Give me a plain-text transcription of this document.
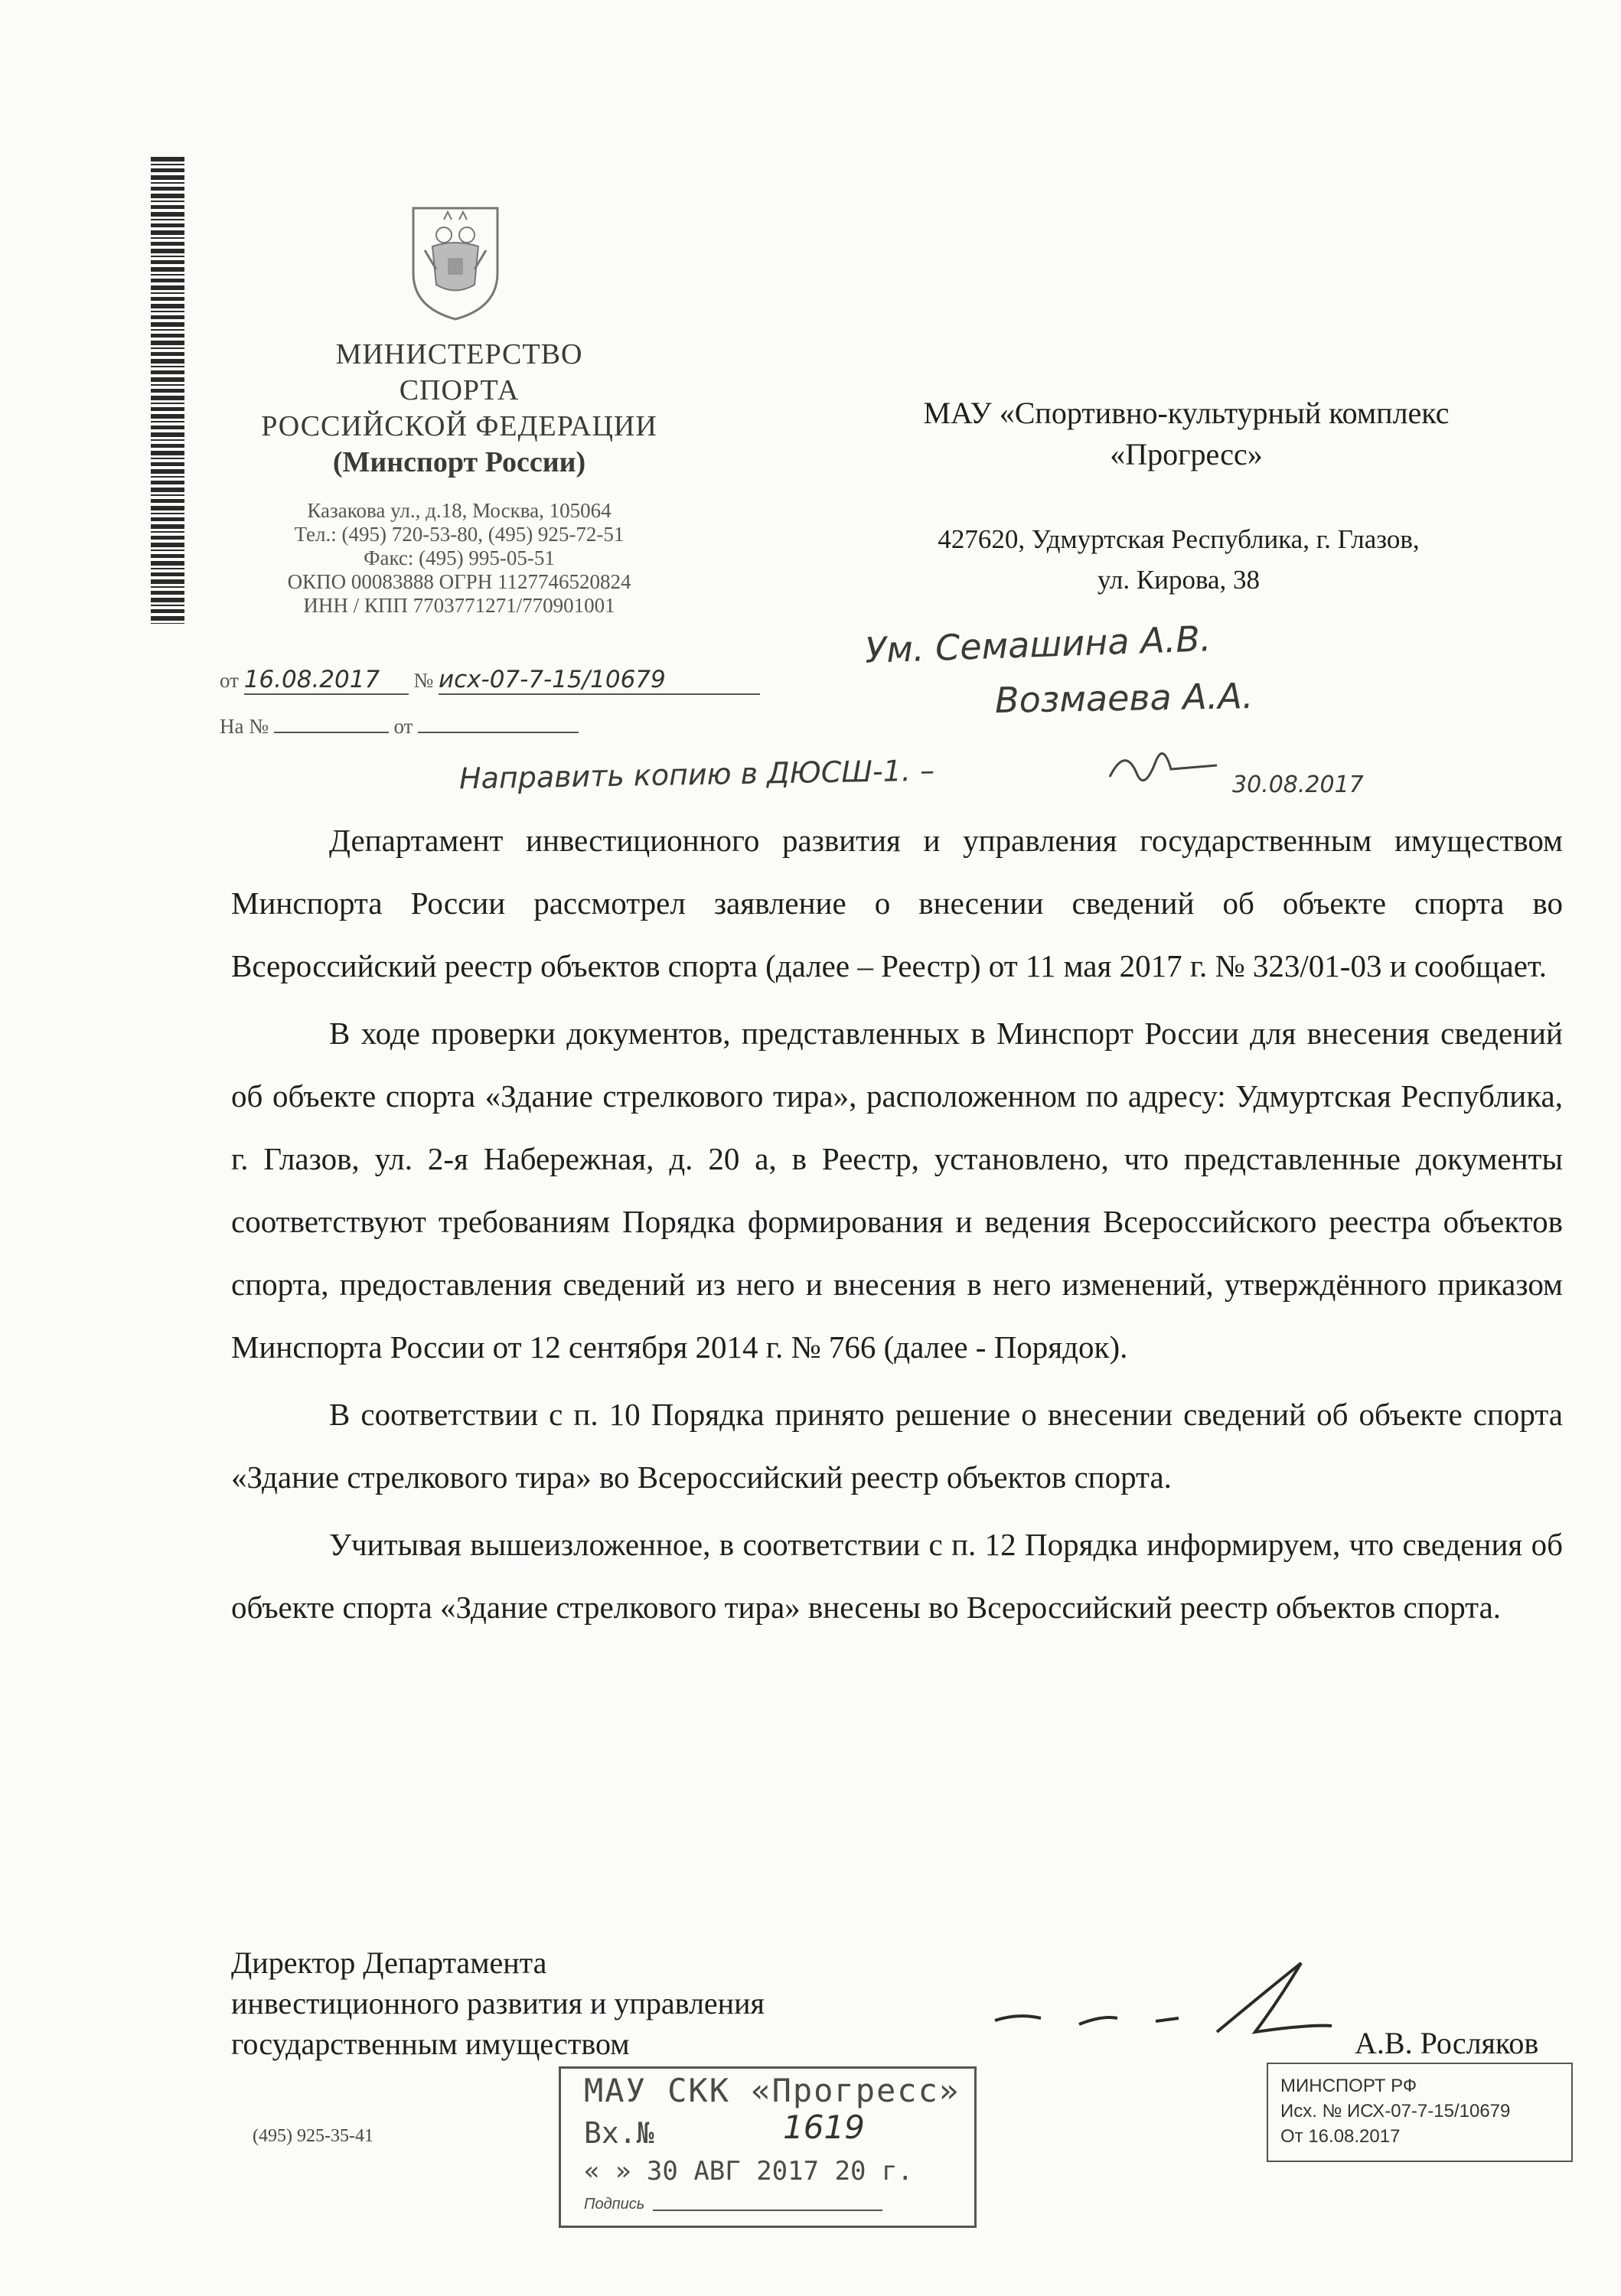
МИНИСТЕРСТВО
СПОРТА
РОССИЙСКОЙ ФЕДЕРАЦИИ
(Минспорт России)
Казакова ул., д.18, Москва, 105064
Тел.: (495) 720-53-80, (495) 925-72-51
Факс: (495) 995-05-51
ОКПО 00083888 ОГРН 1127746520824
ИНН / КПП 7703771271/770901001
от 16.08.2017 № исх-07-7-15/10679
На №	от
МАУ «Спортивно-культурный комплекс
«Прогресс»
427620, Удмуртская Республика, г. Глазов,
ул. Кирова, 38
Ум. Семашина А.В.
Возмаева А.А.
Направить копию в ДЮСШ-1. –	30.08.2017

Департамент инвестиционного развития и управления государственным имуществом Минспорта России рассмотрел заявление о внесении сведений об объекте спорта во Всероссийский реестр объектов спорта (далее – Реестр) от 11 мая 2017 г. № 323/01-03 и сообщает.

В ходе проверки документов, представленных в Минспорт России для внесения сведений об объекте спорта «Здание стрелкового тира», расположенном по адресу: Удмуртская Республика, г. Глазов, ул. 2-я Набережная, д. 20 а, в Реестр, установлено, что представленные документы соответствуют требованиям Порядка формирования и ведения Всероссийского реестра объектов спорта, предоставления сведений из него и внесения в него изменений, утверждённого приказом Минспорта России от 12 сентября 2014 г. № 766 (далее - Порядок).

В соответствии с п. 10 Порядка принято решение о внесении сведений об объекте спорта «Здание стрелкового тира» во Всероссийский реестр объектов спорта.

Учитывая вышеизложенное, в соответствии с п. 12 Порядка информируем, что сведения об объекте спорта «Здание стрелкового тира» внесены во Всероссийский реестр объектов спорта.

Директор Департамента
инвестиционного развития и управления
государственным имуществом	А.В. Росляков
(495) 925-35-41
МАУ СКК «Прогресс»
Вх.№	1619
« » 30 АВГ 2017 20 г.
Подпись
МИНСПОРТ РФ
Исх. № ИСХ-07-7-15/10679
От 16.08.2017
